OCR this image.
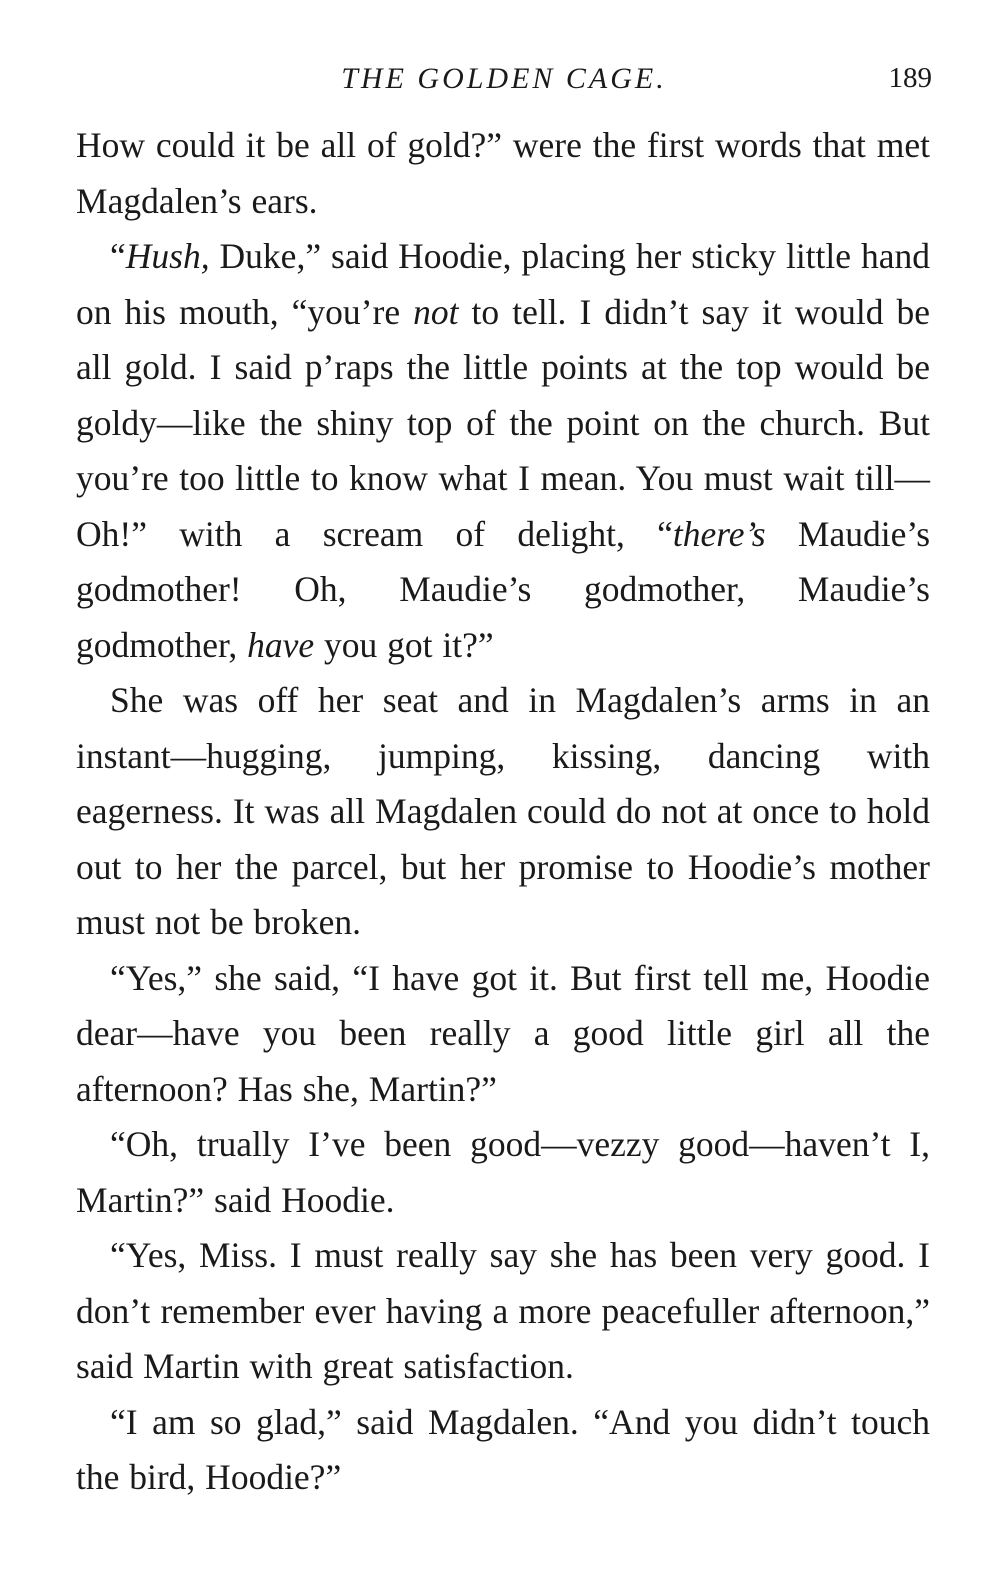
THE GOLDEN CAGE.	189

How could it be all of gold?” were the first words that met Magdalen’s ears.

“Hush, Duke,” said Hoodie, placing her sticky little hand on his mouth, “you’re not to tell. I didn’t say it would be all gold. I said p’raps the little points at the top would be goldy—like the shiny top of the point on the church. But you’re too little to know what I mean. You must wait till— Oh!” with a scream of delight, “there’s Maudie’s godmother! Oh, Maudie’s godmother, Maudie’s godmother, have you got it?”

She was off her seat and in Magdalen’s arms in an instant—hugging, jumping, kissing, dancing with eagerness. It was all Magdalen could do not at once to hold out to her the parcel, but her promise to Hoodie’s mother must not be broken.

“Yes,” she said, “I have got it. But first tell me, Hoodie dear—have you been really a good little girl all the afternoon? Has she, Martin?”

“Oh, trually I’ve been good—vezzy good—haven’t I, Martin?” said Hoodie.

“Yes, Miss. I must really say she has been very good. I don’t remember ever having a more peacefuller afternoon,” said Martin with great satisfaction.

“I am so glad,” said Magdalen. “And you didn’t touch the bird, Hoodie?”
